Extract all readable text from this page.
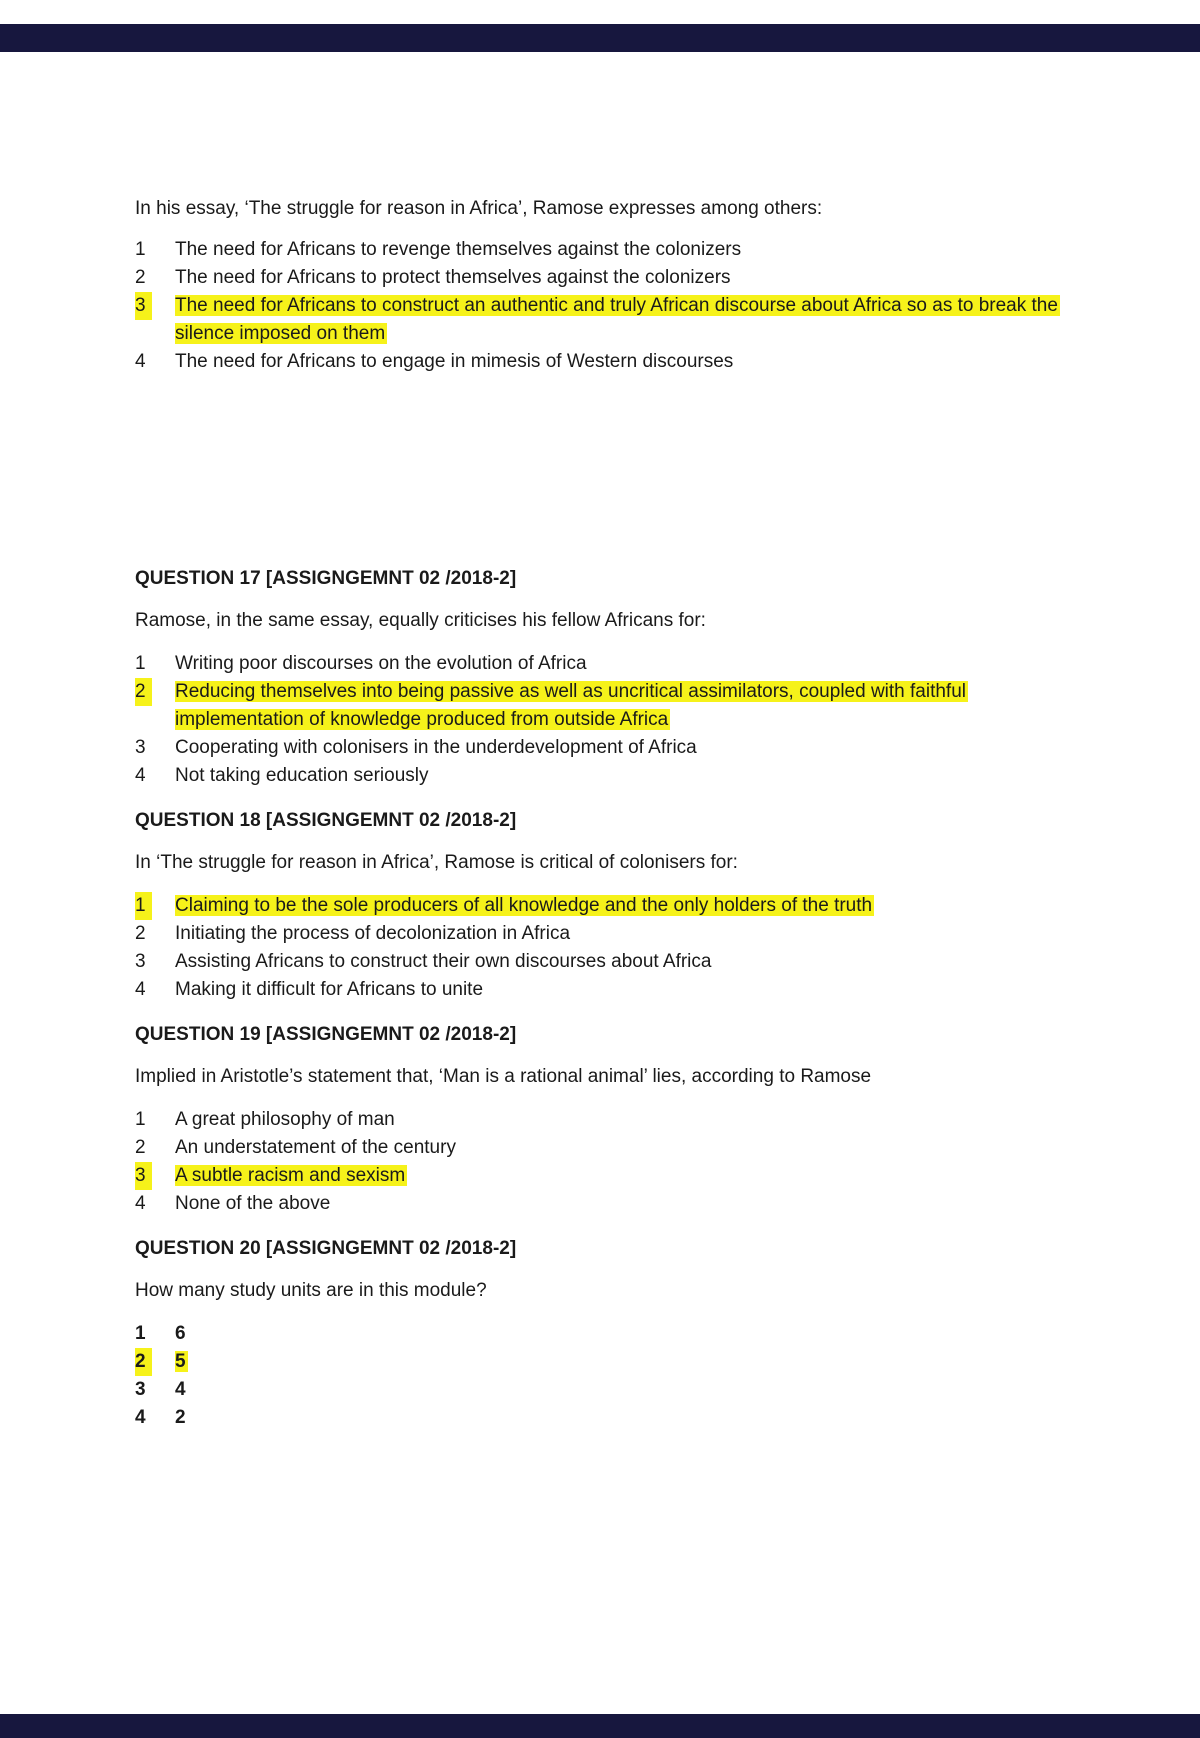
In his essay, ‘The struggle for reason in Africa’, Ramose expresses among others:

1	The need for Africans to revenge themselves against the colonizers
2	The need for Africans to protect themselves against the colonizers
3	The need for Africans to construct an authentic and truly African discourse about Africa so as to break the silence imposed on them
4	The need for Africans to engage in mimesis of Western discourses
QUESTION 17 [ASSIGNGEMNT 02 /2018-2]

Ramose, in the same essay, equally criticises his fellow Africans for:

1	Writing poor discourses on the evolution of Africa
2	Reducing themselves into being passive as well as uncritical assimilators, coupled with faithful implementation of knowledge produced from outside Africa
3	Cooperating with colonisers in the underdevelopment of Africa
4	Not taking education seriously
QUESTION 18 [ASSIGNGEMNT 02 /2018-2]

In ‘The struggle for reason in Africa’, Ramose is critical of colonisers for:

1	Claiming to be the sole producers of all knowledge and the only holders of the truth
2	Initiating the process of decolonization in Africa
3	Assisting Africans to construct their own discourses about Africa
4	Making it difficult for Africans to unite
QUESTION 19 [ASSIGNGEMNT 02 /2018-2]

Implied in Aristotle’s statement that, ‘Man is a rational animal’ lies, according to Ramose

1	A great philosophy of man
2	An understatement of the century
3	A subtle racism and sexism
4	None of the above
QUESTION 20 [ASSIGNGEMNT 02 /2018-2]

How many study units are in this module?

1	6
2	5
3	4
4	2
